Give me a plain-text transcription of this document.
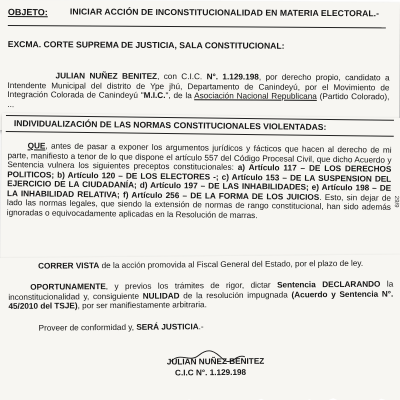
OBJETO:	INICIAR ACCIÓN DE INCONSTITUCIONALIDAD EN MATERIA ELECTORAL.-
EXCMA. CORTE SUPREMA DE JUSTICIA, SALA CONSTITUCIONAL:

JULIAN NUÑEZ BENITEZ, con C.I.C. N°. 1.129.198, por derecho propio, candidato a Intendente Municipal del distrito de Ype jhú, Departamento de Canindeyú, por el Movimiento de Integración Colorada de Canindeyú "M.I.C.", de la Asociación Nacional Republicana (Partido Colorado), ...

INDIVIDUALIZACIÓN DE LAS NORMAS CONSTITUCIONALES VIOLENTADAS:

QUE, antes de pasar a exponer los argumentos jurídicos y fácticos que hacen al derecho de mi parte, manifiesto a tenor de lo que dispone el artículo 557 del Código Procesal Civil, que dicho Acuerdo y Sentencia vulnera los siguientes preceptos constitucionales: a) Artículo 117 – DE LOS DERECHOS POLITICOS; b) Artículo 120 – DE LOS ELECTORES -; c) Artículo 153 – DE LA SUSPENSION DEL EJERCICIO DE LA CIUDADANÍA; d) Artículo 197 – DE LAS INHABILIDADES; e) Artículo 198 – DE LA INHABILIDAD RELATIVA; f) Artículo 256 – DE LA FORMA DE LOS JUICIOS. Esto, sin dejar de lado las normas legales, que siendo la extensión de normas de rango constitucional, han sido además ignoradas o equivocadamente aplicadas en la Resolución de marras.

29/9

CORRER VISTA de la acción promovida al Fiscal General del Estado, por el plazo de ley.

OPORTUNAMENTE, y previos los trámites de rigor, dictar Sentencia DECLARANDO la inconstitucionalidad y, consiguiente NULIDAD de la resolución impugnada (Acuerdo y Sentencia N°. 45/2010 del TSJE), por ser manifiestamente arbitraria.

Proveer de conformidad y, SERÁ JUSTICIA.-

JULIAN NUÑEZ BENITEZ
C.I.C N°. 1.129.198
